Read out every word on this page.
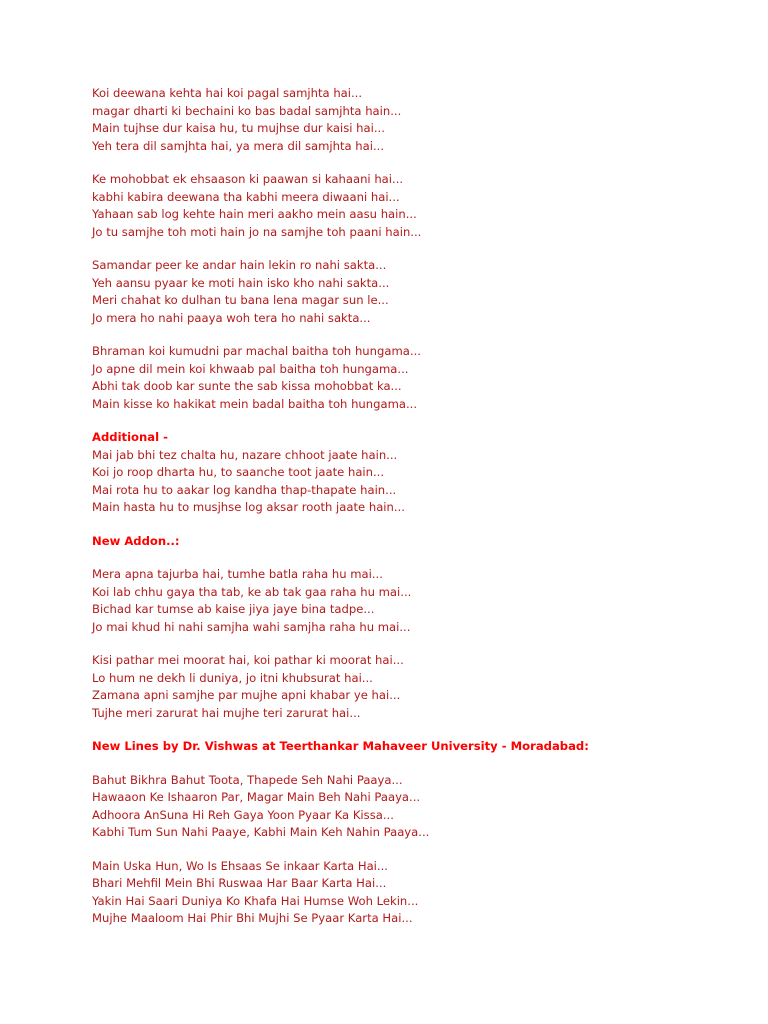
Koi deewana kehta hai koi pagal samjhta hai...
magar dharti ki bechaini ko bas badal samjhta hain...
Main tujhse dur kaisa hu, tu mujhse dur kaisi hai...
Yeh tera dil samjhta hai, ya mera dil samjhta hai...
Ke mohobbat ek ehsaason ki paawan si kahaani hai...
kabhi kabira deewana tha kabhi meera diwaani hai...
Yahaan sab log kehte hain meri aakho mein aasu hain...
Jo tu samjhe toh moti hain jo na samjhe toh paani hain...
Samandar peer ke andar hain lekin ro nahi sakta...
Yeh aansu pyaar ke moti hain isko kho nahi sakta...
Meri chahat ko dulhan tu bana lena magar sun le...
Jo mera ho nahi paaya woh tera ho nahi sakta...
Bhraman koi kumudni par machal baitha toh hungama...
Jo apne dil mein koi khwaab pal baitha toh hungama...
Abhi tak doob kar sunte the sab kissa mohobbat ka...
Main kisse ko hakikat mein badal baitha toh hungama...
Additional -
Mai jab bhi tez chalta hu, nazare chhoot jaate hain...
Koi jo roop dharta hu, to saanche toot jaate hain...
Mai rota hu to aakar log kandha thap-thapate hain...
Main hasta hu to musjhse log aksar rooth jaate hain...
New Addon..:
Mera apna tajurba hai, tumhe batla raha hu mai...
Koi lab chhu gaya tha tab, ke ab tak gaa raha hu mai...
Bichad kar tumse ab kaise jiya jaye bina tadpe...
Jo mai khud hi nahi samjha wahi samjha raha hu mai...
Kisi pathar mei moorat hai, koi pathar ki moorat hai...
Lo hum ne dekh li duniya, jo itni khubsurat hai...
Zamana apni samjhe par mujhe apni khabar ye hai...
Tujhe meri zarurat hai mujhe teri zarurat hai...
New Lines by Dr. Vishwas at Teerthankar Mahaveer University - Moradabad:
Bahut Bikhra Bahut Toota, Thapede Seh Nahi Paaya...
Hawaaon Ke Ishaaron Par, Magar Main Beh Nahi Paaya...
Adhoora AnSuna Hi Reh Gaya Yoon Pyaar Ka Kissa...
Kabhi Tum Sun Nahi Paaye, Kabhi Main Keh Nahin Paaya...
Main Uska Hun, Wo Is Ehsaas Se inkaar Karta Hai...
Bhari Mehfil Mein Bhi Ruswaa Har Baar Karta Hai...
Yakin Hai Saari Duniya Ko Khafa Hai Humse Woh Lekin...
Mujhe Maaloom Hai Phir Bhi Mujhi Se Pyaar Karta Hai...
